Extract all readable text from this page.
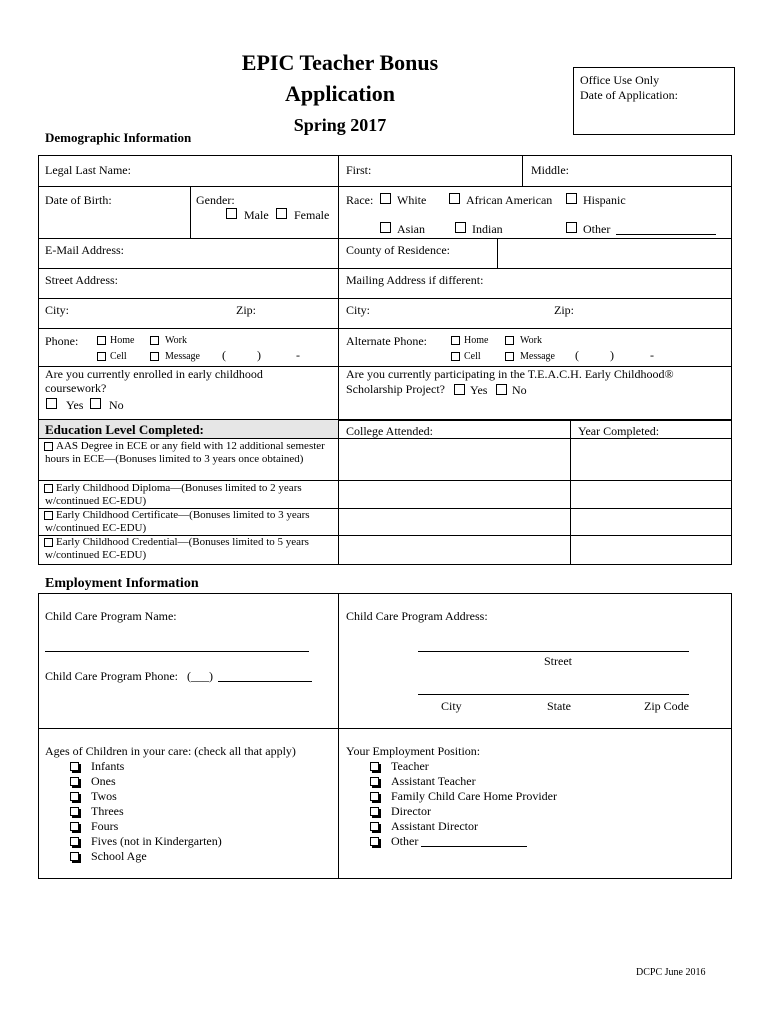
EPIC Teacher Bonus
Application
Spring 2017
Office Use Only
Date of Application:
Demographic Information
Legal Last Name:	First:	Middle:
Date of Birth:	Gender:
Male Female
Race: White	African American	Hispanic
Asian	Indian	Other
E-Mail Address:	County of Residence:
Street Address:	Mailing Address if different:
City:	Zip:	City:	Zip:
Phone:	Home	Work
Cell	Message (	)	-
Alternate Phone:	Home	Work
Cell	Message (	)	-
Are you currently enrolled in early childhood coursework?
Yes No
Are you currently participating in the T.E.A.C.H. Early Childhood® Scholarship Project?	Yes No
Education Level Completed:	College Attended:	Year Completed:
AAS Degree in ECE or any field with 12 additional semester hours in ECE—(Bonuses limited to 3 years once obtained)
Early Childhood Diploma—(Bonuses limited to 2 years w/continued EC-EDU)
Early Childhood Certificate—(Bonuses limited to 3 years w/continued EC-EDU)
Early Childhood Credential—(Bonuses limited to 5 years w/continued EC-EDU)
Employment Information
Child Care Program Name:
Child Care Program Phone: (___)
Child Care Program Address:
Street
City	State	Zip Code
Ages of Children in your care: (check all that apply)
Infants
Ones
Twos
Threes
Fours
Fives (not in Kindergarten)
School Age
Your Employment Position:
Teacher
Assistant Teacher
Family Child Care Home Provider
Director
Assistant Director
Other
DCPC June 2016
